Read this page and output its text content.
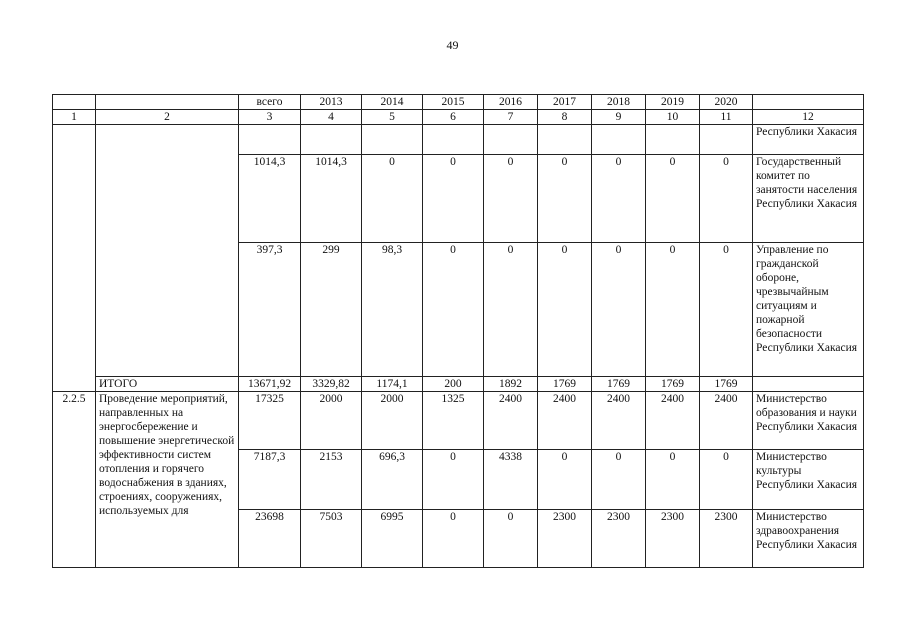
49
		всего	2013	2014	2015	2016	2017	2018	2019	2020	
1	2	3	4	5	6	7	8	9	10	11	12
											Республики Хакасия
		1014,3	1014,3	0	0	0	0	0	0	0	Государственный комитет по занятости населения Республики Хакасия
		397,3	299	98,3	0	0	0	0	0	0	Управление по гражданской обороне, чрезвычайным ситуациям и пожарной безопасности Республики Хакасия
	ИТОГО	13671,92	3329,82	1174,1	200	1892	1769	1769	1769	1769	
2.2.5	Проведение мероприятий, направленных на энергосбережение и повышение энергетической эффективности систем отопления и горячего водоснабжения в зданиях, строениях, сооружениях, используемых для	17325	2000	2000	1325	2400	2400	2400	2400	2400	Министерство образования и науки Республики Хакасия
		7187,3	2153	696,3	0	4338	0	0	0	0	Министерство культуры Республики Хакасия
		23698	7503	6995	0	0	2300	2300	2300	2300	Министерство здравоохранения Республики Хакасия
